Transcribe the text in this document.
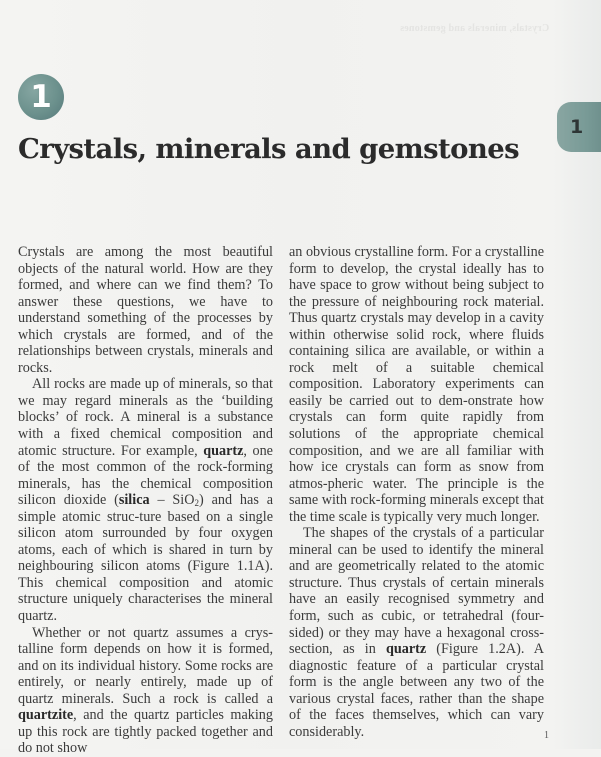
Crystals, minerals and gemstones
1
1
Crystals, minerals and gemstones

Crystals are among the most beautiful objects of the natural world. How are they formed, and where can we find them? To answer these questions, we have to understand something of the processes by which crystals are formed, and of the relationships between crystals, minerals and rocks.

All rocks are made up of minerals, so that we may regard minerals as the ‘building blocks’ of rock. A mineral is a substance with a fixed chemical composition and atomic structure. For example, quartz, one of the most common of the rock-forming minerals, has the chemical composition silicon dioxide (silica – SiO$_2$) and has a simple atomic struc-ture based on a single silicon atom surrounded by four oxygen atoms, each of which is shared in turn by neighbouring silicon atoms (Figure 1.1A). This chemical composition and atomic structure uniquely characterises the mineral quartz.

Whether or not quartz assumes a crys-talline form depends on how it is formed, and on its individual history. Some rocks are entirely, or nearly entirely, made up of quartz minerals. Such a rock is called a quartzite, and the quartz particles making up this rock are tightly packed together and do not show

an obvious crystalline form. For a crystalline form to develop, the crystal ideally has to have space to grow without being subject to the pressure of neighbouring rock material. Thus quartz crystals may develop in a cavity within otherwise solid rock, where fluids containing silica are available, or within a rock melt of a suitable chemical composition. Laboratory experiments can easily be carried out to dem-onstrate how crystals can form quite rapidly from solutions of the appropriate chemical composition, and we are all familiar with how ice crystals can form as snow from atmos-pheric water. The principle is the same with rock-forming minerals except that the time scale is typically very much longer.

The shapes of the crystals of a particular mineral can be used to identify the mineral and are geometrically related to the atomic structure. Thus crystals of certain minerals have an easily recognised symmetry and form, such as cubic, or tetrahedral (four-sided) or they may have a hexagonal cross-section, as in quartz (Figure 1.2A). A diagnostic feature of a particular crystal form is the angle between any two of the various crystal faces, rather than the shape of the faces themselves, which can vary considerably.	1
